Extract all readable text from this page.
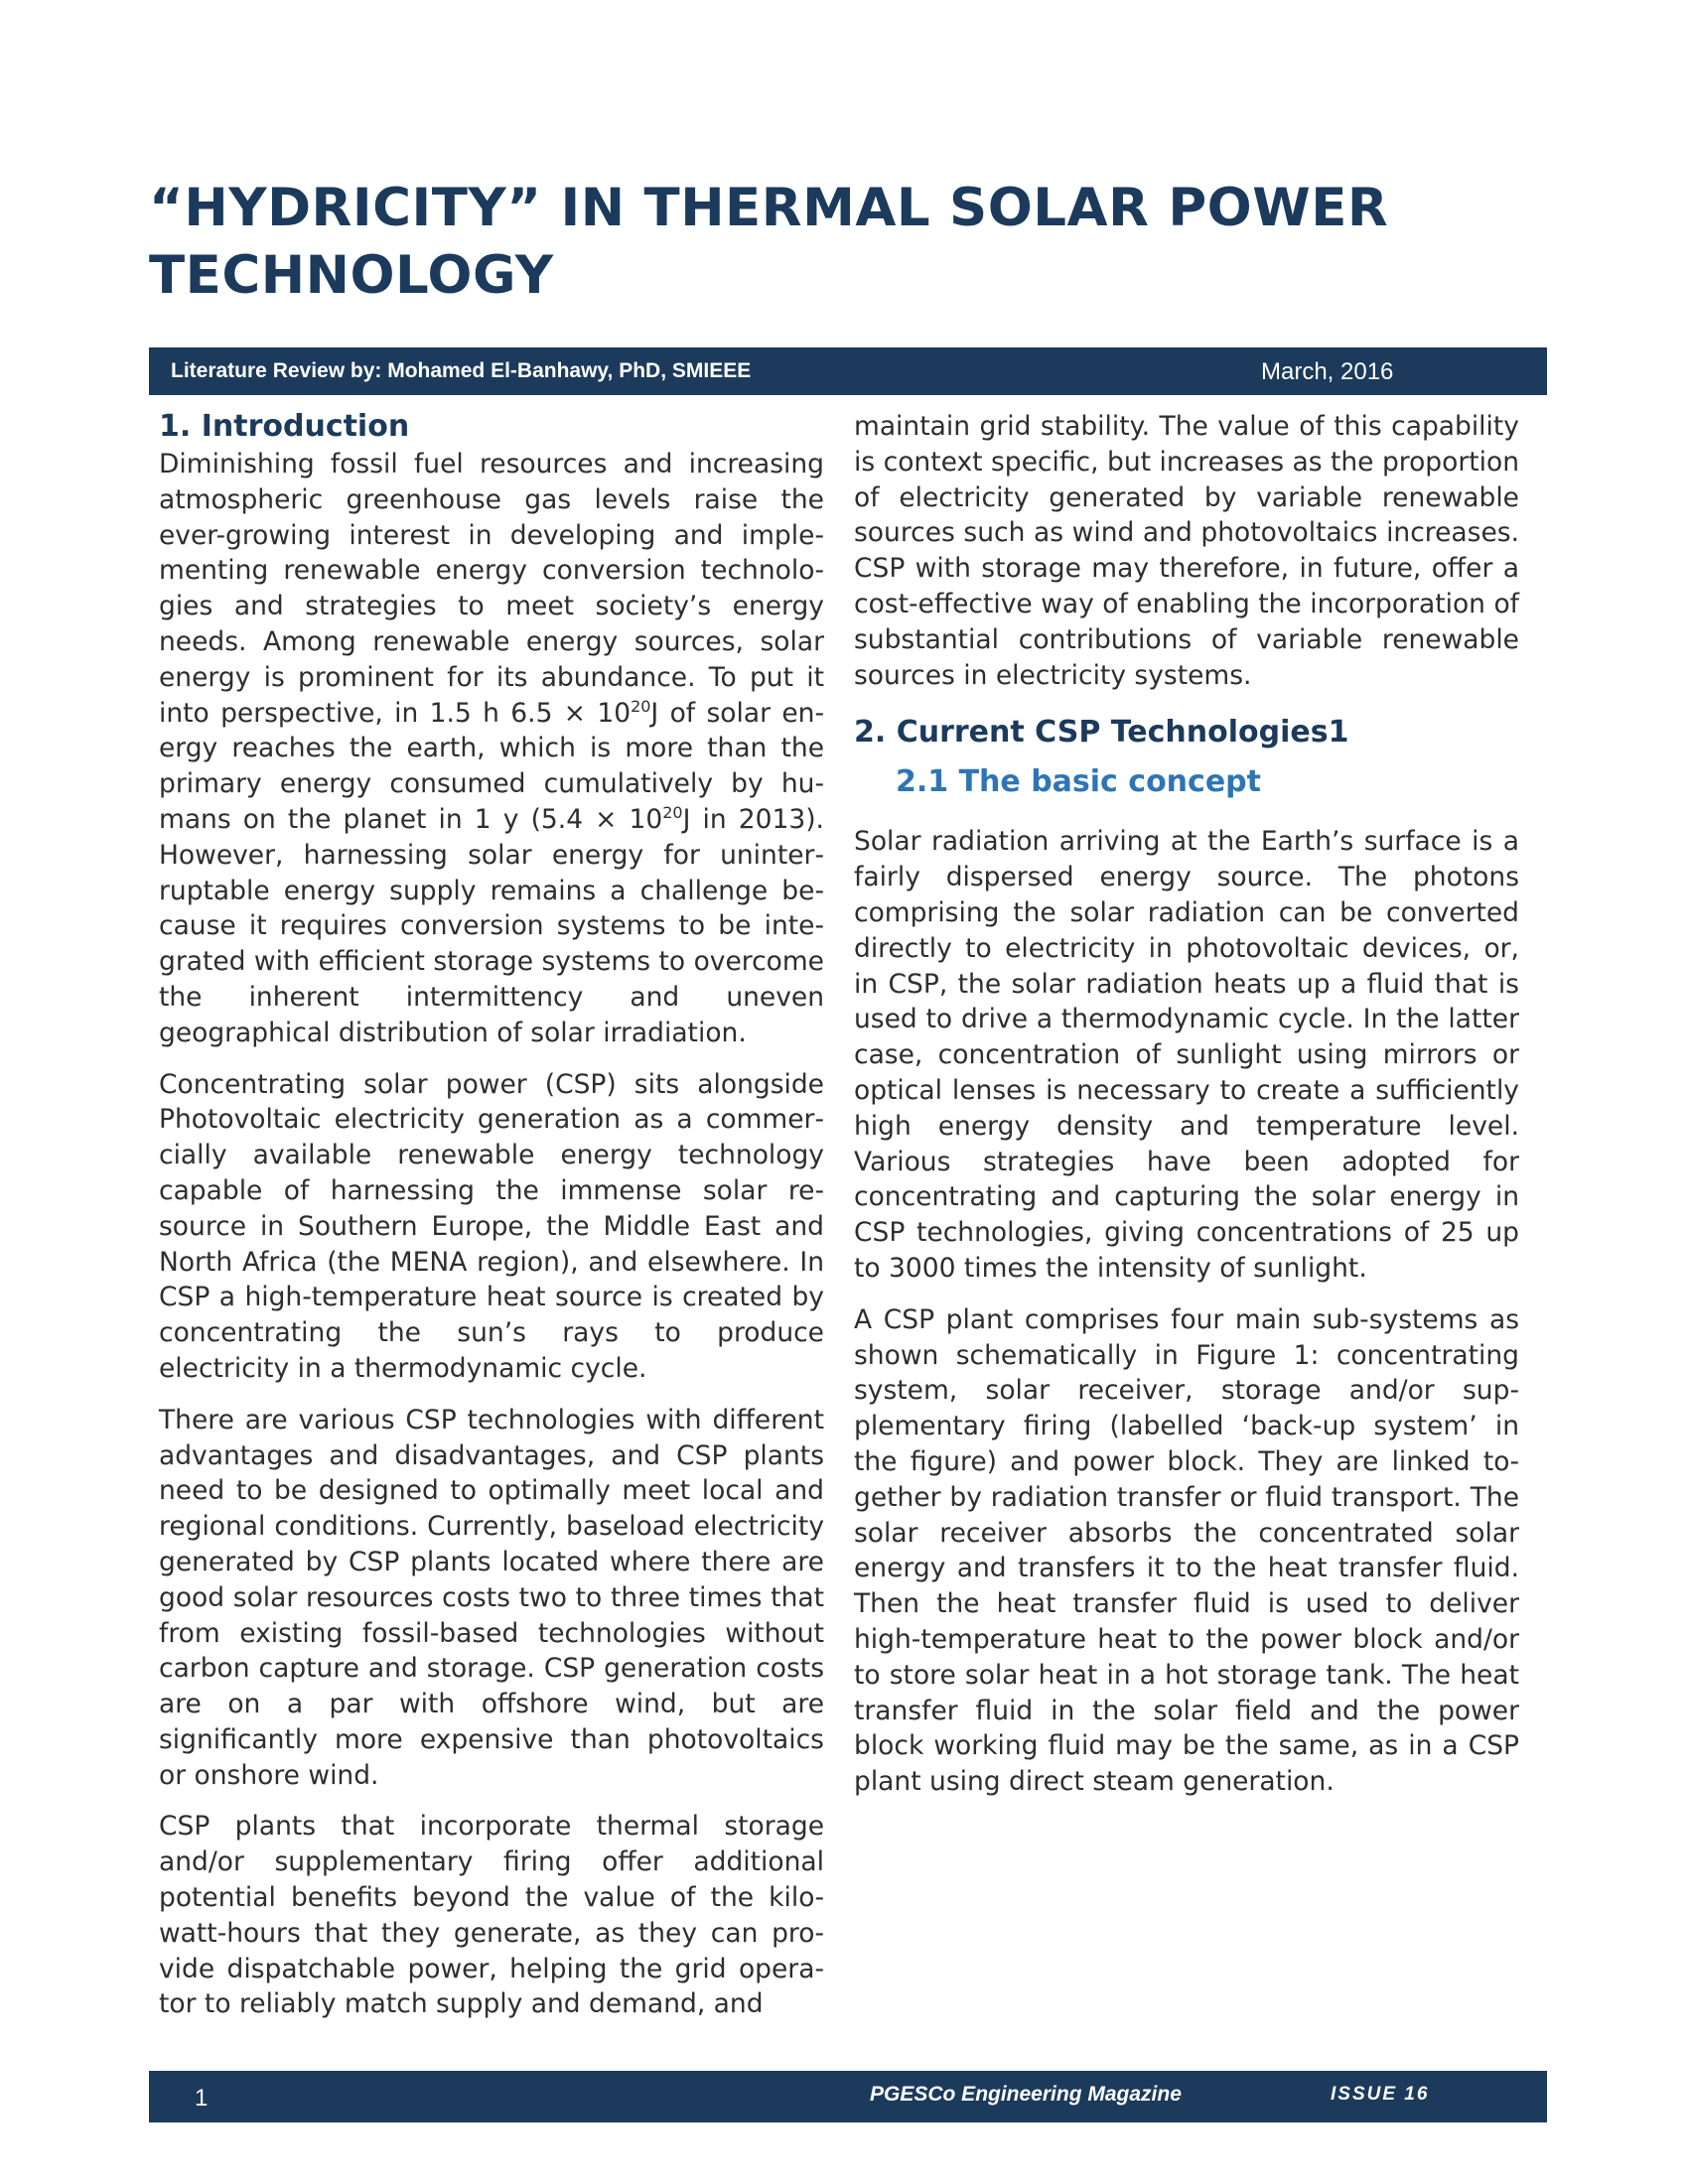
“HYDRICITY” IN THERMAL SOLAR POWER TECHNOLOGY
Literature Review by: Mohamed El-Banhawy, PhD, SMIEEE	March, 2016
1. Introduction

Diminishing fossil fuel resources and increasing atmospheric greenhouse gas levels raise the ever-growing interest in developing and implementing renewable energy conversion technologies and strategies to meet society’s energy needs. Among renewable energy sources, solar energy is prominent for its abundance. To put it into perspective, in 1.5 h $6.5 \times 10^{20}J$ of solar energy reaches the earth, which is more than the primary energy consumed cumulatively by humans on the planet in 1 y ($5.4 \times 10^{20}J$ in 2013). However, harnessing solar energy for uninterruptable energy supply remains a challenge because it requires conversion systems to be integrated with efficient storage systems to overcome the inherent intermittency and uneven geographical distribution of solar irradiation.

Concentrating solar power (CSP) sits alongside Photovoltaic electricity generation as a commercially available renewable energy technology capable of harnessing the immense solar resource in Southern Europe, the Middle East and North Africa (the MENA region), and elsewhere. In CSP a high-temperature heat source is created by concentrating the sun’s rays to produce electricity in a thermodynamic cycle.

There are various CSP technologies with different advantages and disadvantages, and CSP plants need to be designed to optimally meet local and regional conditions. Currently, baseload electricity generated by CSP plants located where there are good solar resources costs two to three times that from existing fossil-based technologies without carbon capture and storage. CSP generation costs are on a par with offshore wind, but are significantly more expensive than photovoltaics or onshore wind.

CSP plants that incorporate thermal storage and/or supplementary firing offer additional potential benefits beyond the value of the kilowatt-hours that they generate, as they can provide dispatchable power, helping the grid operator to reliably match supply and demand, and

maintain grid stability. The value of this capability is context specific, but increases as the proportion of electricity generated by variable renewable sources such as wind and photovoltaics increases. CSP with storage may therefore, in future, offer a cost-effective way of enabling the incorporation of substantial contributions of variable renewable sources in electricity systems.

2. Current CSP Technologies1
2.1 The basic concept

Solar radiation arriving at the Earth’s surface is a fairly dispersed energy source. The photons comprising the solar radiation can be converted directly to electricity in photovoltaic devices, or, in CSP, the solar radiation heats up a fluid that is used to drive a thermodynamic cycle. In the latter case, concentration of sunlight using mirrors or optical lenses is necessary to create a sufficiently high energy density and temperature level. Various strategies have been adopted for concentrating and capturing the solar energy in CSP technologies, giving concentrations of 25 up to 3000 times the intensity of sunlight.

A CSP plant comprises four main sub-systems as shown schematically in Figure 1: concentrating system, solar receiver, storage and/or supplementary firing (labelled ‘back-up system’ in the figure) and power block. They are linked together by radiation transfer or fluid transport. The solar receiver absorbs the concentrated solar energy and transfers it to the heat transfer fluid. Then the heat transfer fluid is used to deliver high-temperature heat to the power block and/or to store solar heat in a hot storage tank. The heat transfer fluid in the solar field and the power block working fluid may be the same, as in a CSP plant using direct steam generation.

1	PGESCo Engineering Magazine	ISSUE 16
